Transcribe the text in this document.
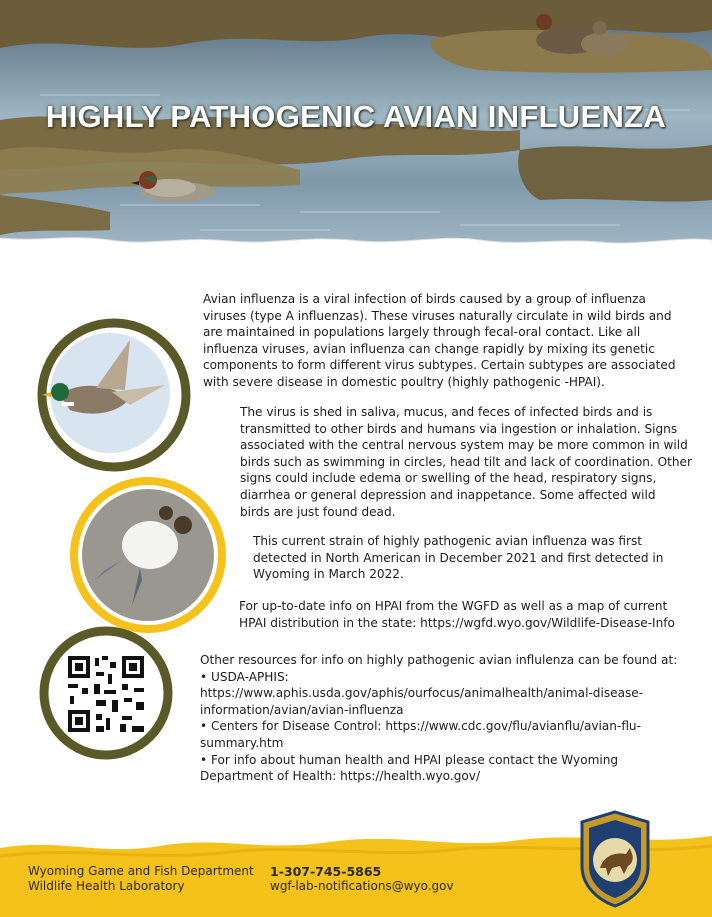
HIGHLY PATHOGENIC AVIAN INFLUENZA

Avian influenza is a viral infection of birds caused by a group of influenza
viruses (type A influenzas). These viruses naturally circulate in wild birds and
are maintained in populations largely through fecal-oral contact. Like all
influenza viruses, avian influenza can change rapidly by mixing its genetic
components to form different virus subtypes. Certain subtypes are associated
with severe disease in domestic poultry (highly pathogenic -HPAI).

The virus is shed in saliva, mucus, and feces of infected birds and is
transmitted to other birds and humans via ingestion or inhalation. Signs
associated with the central nervous system may be more common in wild
birds such as swimming in circles, head tilt and lack of coordination. Other
signs could include edema or swelling of the head, respiratory signs,
diarrhea or general depression and inappetance. Some affected wild
birds are just found dead.

This current strain of highly pathogenic avian influenza was first
detected in North American in December 2021 and first detected in
Wyoming in March 2022.

For up-to-date info on HPAI from the WGFD as well as a map of current
HPAI distribution in the state: https://wgfd.wyo.gov/Wildlife-Disease-Info

Other resources for info on highly pathogenic avian influlenza can be found at:
• USDA-APHIS:
https://www.aphis.usda.gov/aphis/ourfocus/animalhealth/animal-disease-
information/avian/avian-influenza
• Centers for Disease Control: https://www.cdc.gov/flu/avianflu/avian-flu-
summary.htm
• For info about human health and HPAI please contact the Wyoming
Department of Health: https://health.wyo.gov/

Wyoming Game and Fish Department
Wildlife Health Laboratory
1-307-745-5865
wgf-lab-notifications@wyo.gov
